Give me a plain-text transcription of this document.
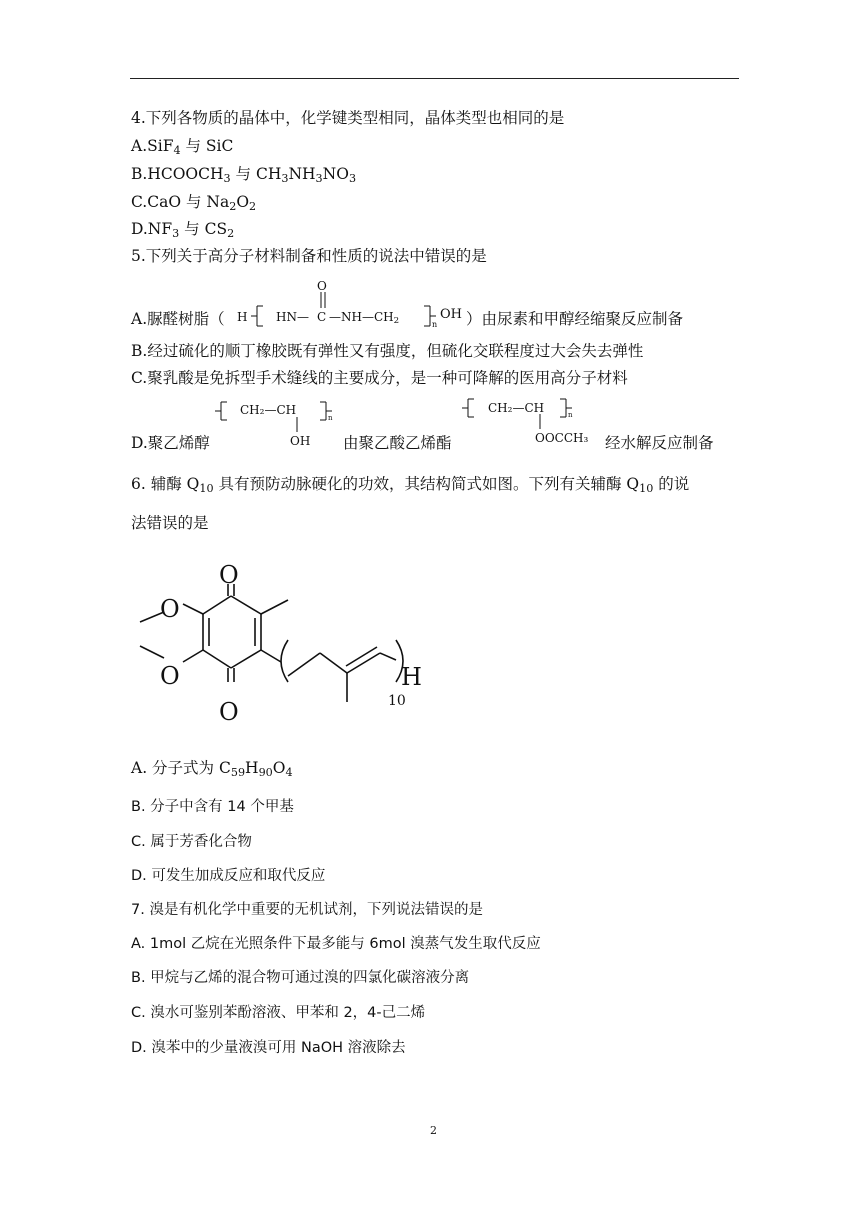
4.下列各物质的晶体中，化学键类型相同，晶体类型也相同的是
A.SiF$_4$ 与 SiC
$B.HCOOCH_3$ 与 $CH_3NH_3NO_3$
C.CaO 与 $Na_2O_2$
$D.NF_3$ 与 $CS_2$
5.下列关于高分子材料制备和性质的说法中错误的是
A.脲醛树脂（ H HN—
O
C $—NH—CH_2$	n
OH ）由尿素和甲醇经缩聚反应制备
B.经过硫化的顺丁橡胶既有弹性又有强度，但硫化交联程度过大会失去弹性
C.聚乳酸是免拆型手术缝线的主要成分，是一种可降解的医用高分子材料
D.聚乙烯醇
CH₂—CH
n
OH 由聚乙酸乙烯酯
CH₂—CH	n
OOCCH₃ 经水解反应制备
6. 辅酶 $Q_{10}$ 具有预防动脉硬化的功效，其结构简式如图。下列有关辅酶 $Q_{10}$ 的说
法错误的是
O
O
O
O	H
10
A. 分子式为 $C_{59}H_{90}O_4$
B. 分子中含有 14 个甲基
C. 属于芳香化合物
D. 可发生加成反应和取代反应
7. 溴是有机化学中重要的无机试剂，下列说法错误的是
A. 1mol 乙烷在光照条件下最多能与 6mol 溴蒸气发生取代反应
B. 甲烷与乙烯的混合物可通过溴的四氯化碳溶液分离
C. 溴水可鉴别苯酚溶液、甲苯和 2，4-己二烯
D. 溴苯中的少量液溴可用 NaOH 溶液除去
2
